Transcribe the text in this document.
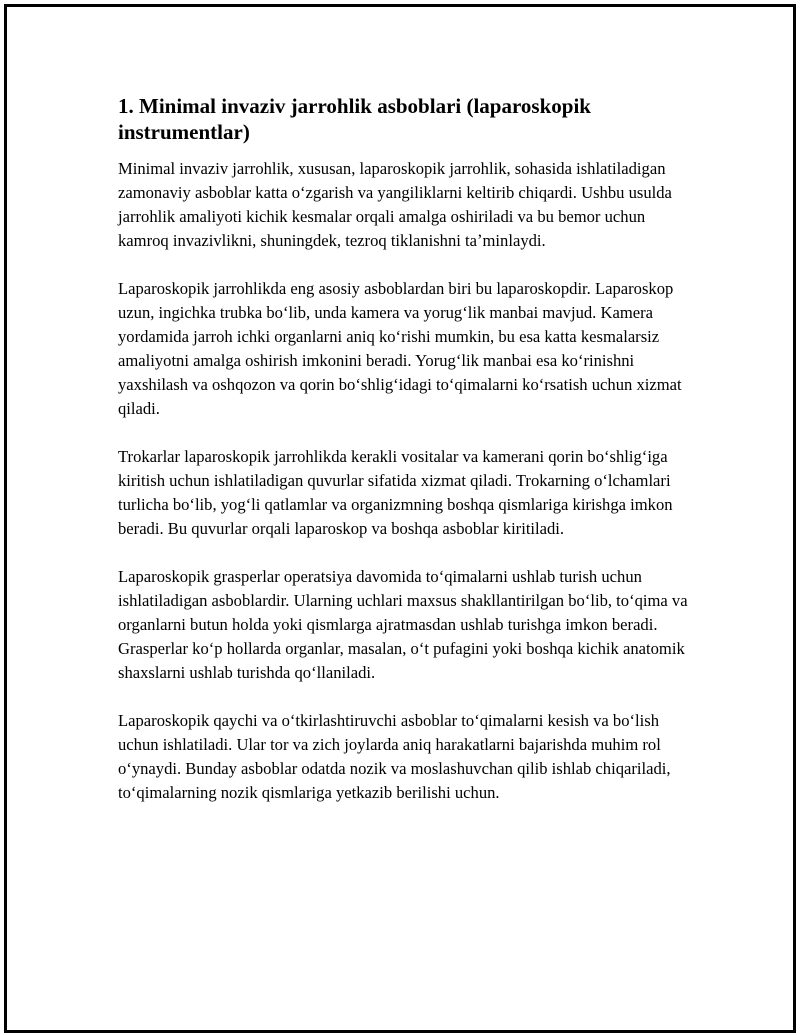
1. Minimal invaziv jarrohlik asboblari (laparoskopik instrumentlar)

Minimal invaziv jarrohlik, xususan, laparoskopik jarrohlik, sohasida ishlatiladigan zamonaviy asboblar katta oʻzgarish va yangiliklarni keltirib chiqardi. Ushbu usulda jarrohlik amaliyoti kichik kesmalar orqali amalga oshiriladi va bu bemor uchun kamroq invazivlikni, shuningdek, tezroq tiklanishni taʼminlaydi.

Laparoskopik jarrohlikda eng asosiy asboblardan biri bu laparoskopdir. Laparoskop uzun, ingichka trubka boʻlib, unda kamera va yorugʻlik manbai mavjud. Kamera yordamida jarroh ichki organlarni aniq koʻrishi mumkin, bu esa katta kesmalarsiz amaliyotni amalga oshirish imkonini beradi. Yorugʻlik manbai esa koʻrinishni yaxshilash va oshqozon va qorin boʻshligʻidagi toʻqimalarni koʻrsatish uchun xizmat qiladi.

Trokarlar laparoskopik jarrohlikda kerakli vositalar va kamerani qorin boʻshligʻiga kiritish uchun ishlatiladigan quvurlar sifatida xizmat qiladi. Trokarning oʻlchamlari turlicha boʻlib, yogʻli qatlamlar va organizmning boshqa qismlariga kirishga imkon beradi. Bu quvurlar orqali laparoskop va boshqa asboblar kiritiladi.

Laparoskopik grasperlar operatsiya davomida toʻqimalarni ushlab turish uchun ishlatiladigan asboblardir. Ularning uchlari maxsus shakllantirilgan boʻlib, toʻqima va organlarni butun holda yoki qismlarga ajratmasdan ushlab turishga imkon beradi. Grasperlar koʻp hollarda organlar, masalan, oʻt pufagini yoki boshqa kichik anatomik shaxslarni ushlab turishda qoʻllaniladi.

Laparoskopik qaychi va oʻtkirlashtiruvchi asboblar toʻqimalarni kesish va boʻlish uchun ishlatiladi. Ular tor va zich joylarda aniq harakatlarni bajarishda muhim rol oʻynaydi. Bunday asboblar odatda nozik va moslashuvchan qilib ishlab chiqariladi, toʻqimalarning nozik qismlariga yetkazib berilishi uchun.
